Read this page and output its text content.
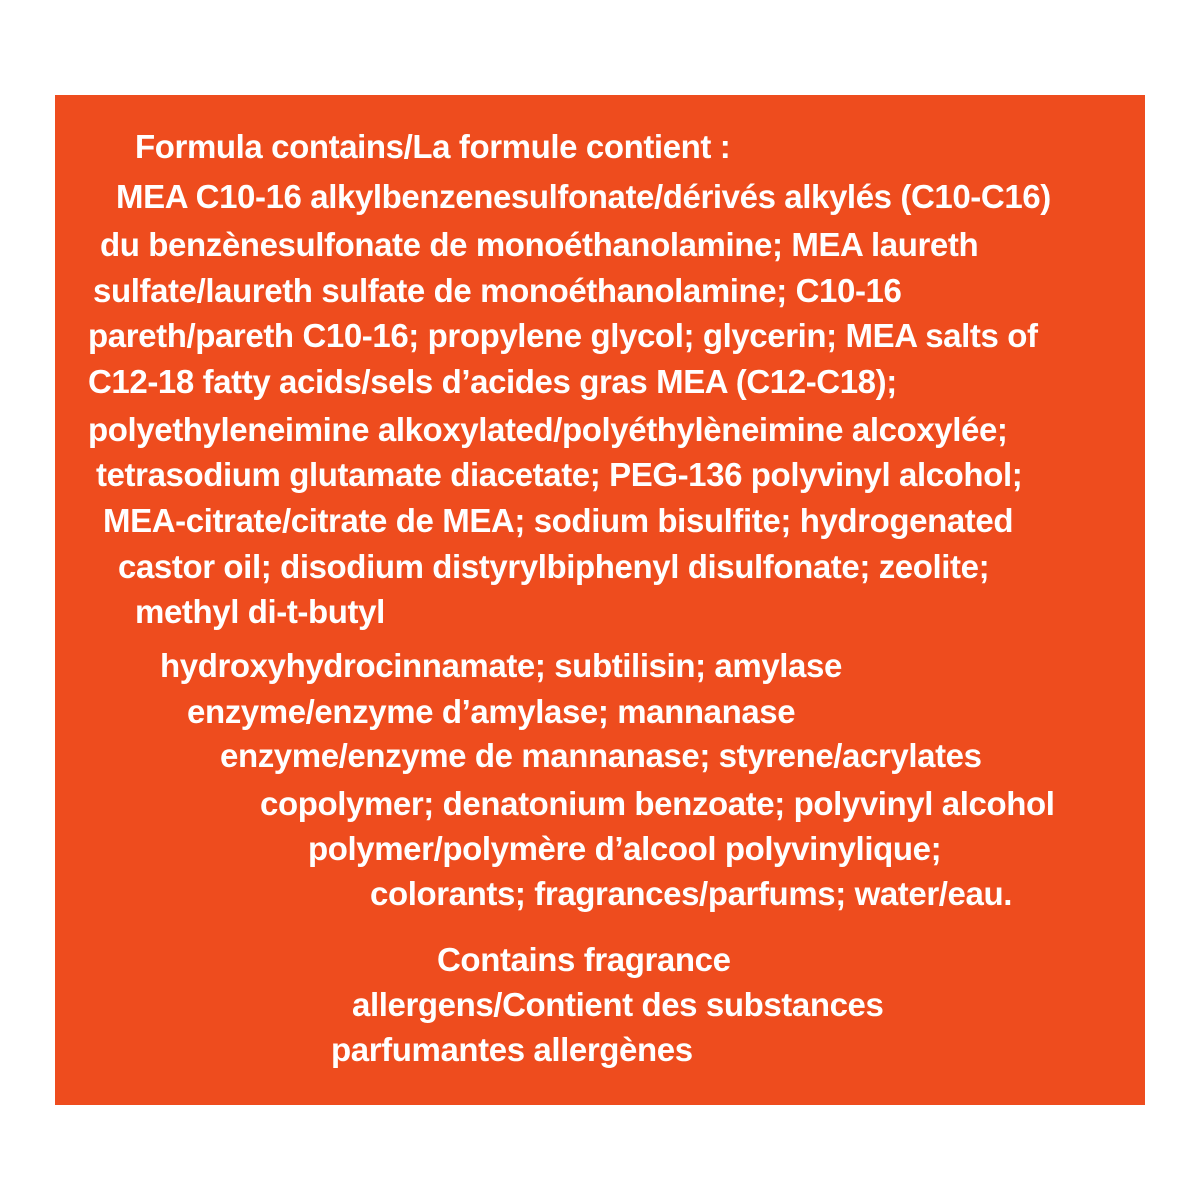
Formula contains/La formule contient :
MEA C10-16 alkylbenzenesulfonate/dérivés alkylés (C10-C16)
du benzènesulfonate de monoéthanolamine; MEA laureth
sulfate/laureth sulfate de monoéthanolamine; C10-16
pareth/pareth C10-16; propylene glycol; glycerin; MEA salts of
C12-18 fatty acids/sels d’acides gras MEA (C12-C18);
polyethyleneimine alkoxylated/polyéthylèneimine alcoxylée;
tetrasodium glutamate diacetate; PEG-136 polyvinyl alcohol;
MEA-citrate/citrate de MEA; sodium bisulfite; hydrogenated
castor oil; disodium distyrylbiphenyl disulfonate; zeolite;
methyl di-t-butyl
hydroxyhydrocinnamate; subtilisin; amylase
enzyme/enzyme d’amylase; mannanase
enzyme/enzyme de mannanase; styrene/acrylates
copolymer; denatonium benzoate; polyvinyl alcohol
polymer/polymère d’alcool polyvinylique;
colorants; fragrances/parfums; water/eau.
Contains fragrance
allergens/Contient des substances
parfumantes allergènes
